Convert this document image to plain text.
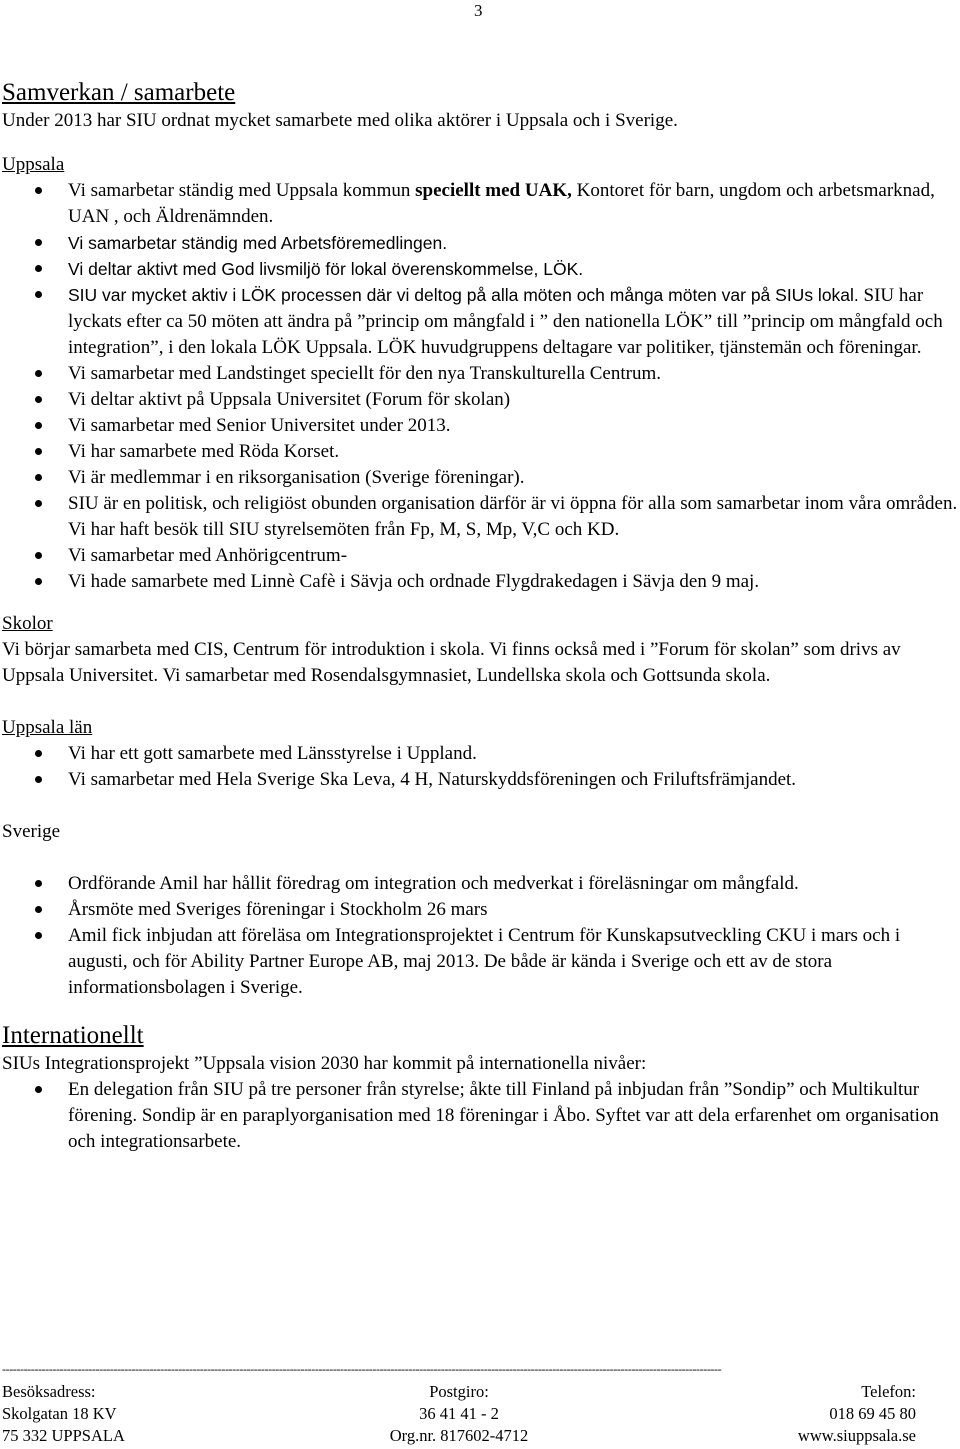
3
Samverkan / samarbete

Under 2013 har SIU ordnat mycket samarbete med olika aktörer i Uppsala och i Sverige.

Uppsala
Vi samarbetar ständig med Uppsala kommun speciellt med UAK, Kontoret för barn, ungdom och arbetsmarknad, UAN , och Äldrenämnden.
Vi samarbetar ständig med Arbetsföremedlingen.
Vi deltar aktivt med God livsmiljö för lokal överenskommelse, LÖK.
SIU var mycket aktiv i LÖK processen där vi deltog på alla möten och många möten var på SIUs lokal. SIU har lyckats efter ca 50 möten att ändra på ”princip om mångfald i ” den nationella LÖK” till ”princip om mångfald och integration”, i den lokala LÖK Uppsala. LÖK huvudgruppens deltagare var politiker, tjänstemän och föreningar.
Vi samarbetar med Landstinget speciellt för den nya Transkulturella Centrum.
Vi deltar aktivt på Uppsala Universitet (Forum för skolan)
Vi samarbetar med Senior Universitet under 2013.
Vi har samarbete med Röda Korset.
Vi är medlemmar i en riksorganisation (Sverige föreningar).
SIU är en politisk, och religiöst obunden organisation därför är vi öppna för alla som samarbetar inom våra områden. Vi har haft besök till SIU styrelsemöten från Fp, M, S, Mp, V,C och KD.
Vi samarbetar med Anhörigcentrum-
Vi hade samarbete med Linnè Cafè i Sävja och ordnade Flygdrakedagen i Sävja den 9 maj.
Skolor

Vi börjar samarbeta med CIS, Centrum för introduktion i skola. Vi finns också med i ”Forum för skolan” som drivs av Uppsala Universitet. Vi samarbetar med Rosendalsgymnasiet, Lundellska skola och Gottsunda skola.

Uppsala län
Vi har ett gott samarbete med Länsstyrelse i Uppland.
Vi samarbetar med Hela Sverige Ska Leva, 4 H, Naturskyddsföreningen och Friluftsfrämjandet.
Sverige
Ordförande Amil har hållit föredrag om integration och medverkat i föreläsningar om mångfald.
Årsmöte med Sveriges föreningar i Stockholm 26 mars
Amil fick inbjudan att föreläsa om Integrationsprojektet i Centrum för Kunskapsutveckling CKU i mars och i augusti, och för Ability Partner Europe AB, maj 2013. De både är kända i Sverige och ett av de stora informationsbolagen i Sverige.
Internationellt

SIUs Integrationsprojekt ”Uppsala vision 2030 har kommit på internationella nivåer:

En delegation från SIU på tre personer från styrelse; åkte till Finland på inbjudan från ”Sondip” och Multikultur förening. Sondip är en paraplyorganisation med 18 föreningar i Åbo. Syftet var att dela erfarenhet om organisation och integrationsarbete.
--------------------------------------------------------------------------------------------------------------------------------------------------------------------------------------------------------
Besöksadress:	Postgiro:	Telefon:
Skolgatan 18 KV	36 41 41 - 2	018 69 45 80
75 332 UPPSALA	Org.nr. 817602-4712	www.siuppsala.se
